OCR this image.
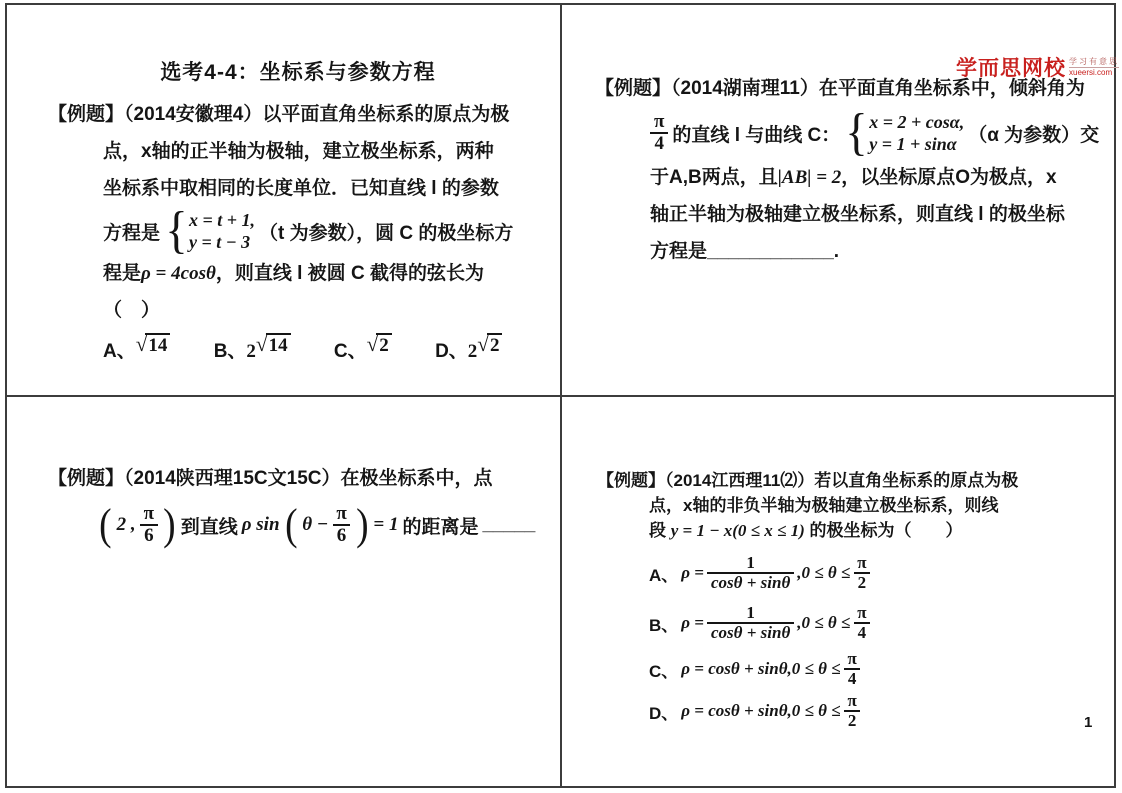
学而思网校 学习有意思
xueersi.com
选考4-4：坐标系与参数方程
【例题】（2014安徽理4）以平面直角坐标系的原点为极
点，x轴的正半轴为极轴，建立极坐标系，两种
坐标系中取相同的长度单位．已知直线 l 的参数
方程是 { x = t + 1,
y = t − 3 （t 为参数），圆 C 的极坐标方
程是ρ = 4cosθ，则直线 l 被圆 C 截得的弦长为
（　）
A、 √ 14
B、 2 √ 14
C、 √ 2
D、 2 √ 2
【例题】（2014湖南理11）在平面直角坐标系中，倾斜角为
$\frac{\pi}{4}$ 的直线 l 与曲线 C： { x = 2 + cosα,
y = 1 + sinα （α 为参数）交
于A,B两点，且|AB| = 2，以坐标原点O为极点，x
轴正半轴为极轴建立极坐标系，则直线 l 的极坐标
方程是____________.
【例题】（2014陕西理15C文15C）在极坐标系中，点
( 2 , $\frac{\pi}{6}$ ) 到直线 ρ sin ( $\theta - \frac{\pi}{6}$ ) = 1 的距离是 _____
【例题】（2014江西理11⑵）若以直角坐标系的原点为极
点，x轴的非负半轴为极轴建立极坐标系，则线
段 y = 1 − x(0 ≤ x ≤ 1) 的极坐标为（　　）
A、 $\rho = \frac{1}{\cos\theta + \sin\theta} ,0 \le \theta \le \frac{\pi}{2}$
B、 $\rho = \frac{1}{\cos\theta + \sin\theta} ,0 \le \theta \le \frac{\pi}{4}$
C、 $\rho = \cos\theta + \sin\theta,0 \le \theta \le \frac{\pi}{4}$
D、 $\rho = \cos\theta + \sin\theta,0 \le \theta \le \frac{\pi}{2}$	1
